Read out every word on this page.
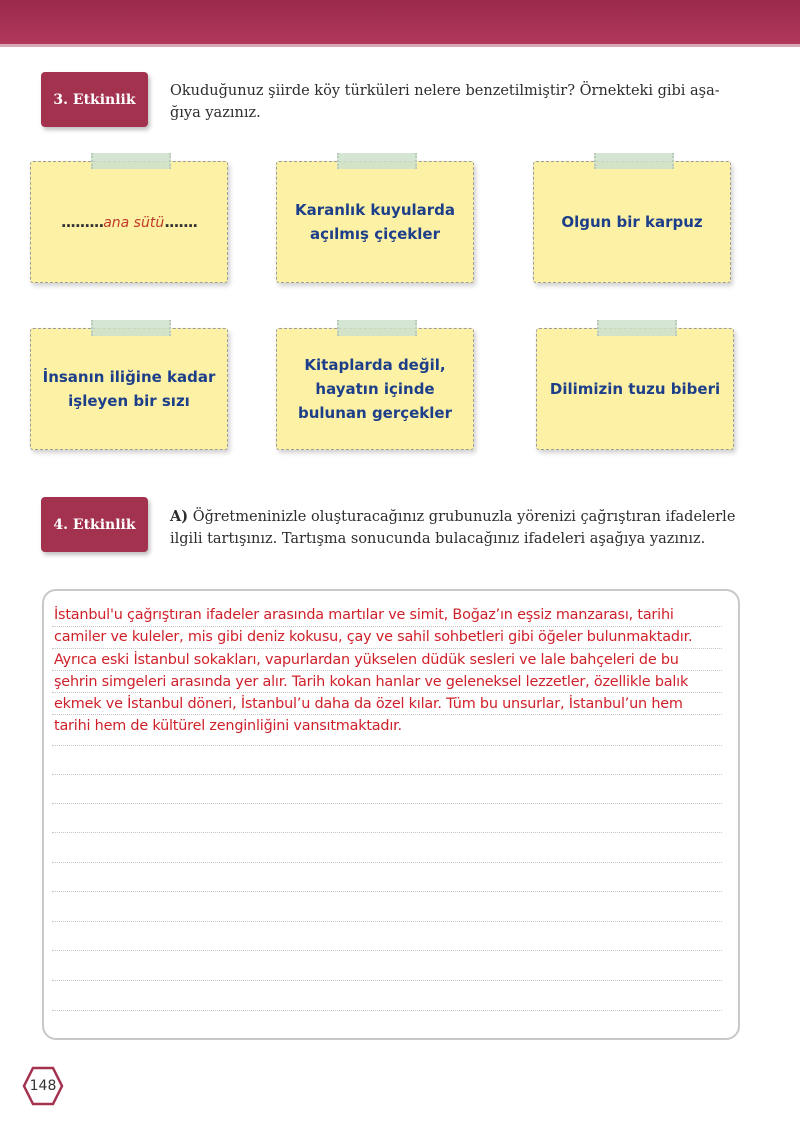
3. Etkinlik
Okuduğunuz şiirde köy türküleri nelere benzetilmiştir? Örnekteki gibi aşa-
ğıya yazınız.
.........ana sütü.......
Karanlık kuyularda
açılmış çiçekler
Olgun bir karpuz
İnsanın iliğine kadar
işleyen bir sızı
Kitaplarda değil,
hayatın içinde
bulunan gerçekler
Dilimizin tuzu biberi
4. Etkinlik	A) Öğretmeninizle oluşturacağınız grubunuzla yörenizi çağrıştıran ifadelerle
ilgili tartışınız. Tartışma sonucunda bulacağınız ifadeleri aşağıya yazınız.
İstanbul'u çağrıştıran ifadeler arasında martılar ve simit, Boğaz’ın eşsiz manzarası, tarihi
camiler ve kuleler, mis gibi deniz kokusu, çay ve sahil sohbetleri gibi öğeler bulunmaktadır.
Ayrıca eski İstanbul sokakları, vapurlardan yükselen düdük sesleri ve lale bahçeleri de bu
şehrin simgeleri arasında yer alır. Tarih kokan hanlar ve geleneksel lezzetler, özellikle balık
ekmek ve İstanbul döneri, İstanbul’u daha da özel kılar. Tüm bu unsurlar, İstanbul’un hem
tarihi hem de kültürel zenginliğini vansıtmaktadır.
148
